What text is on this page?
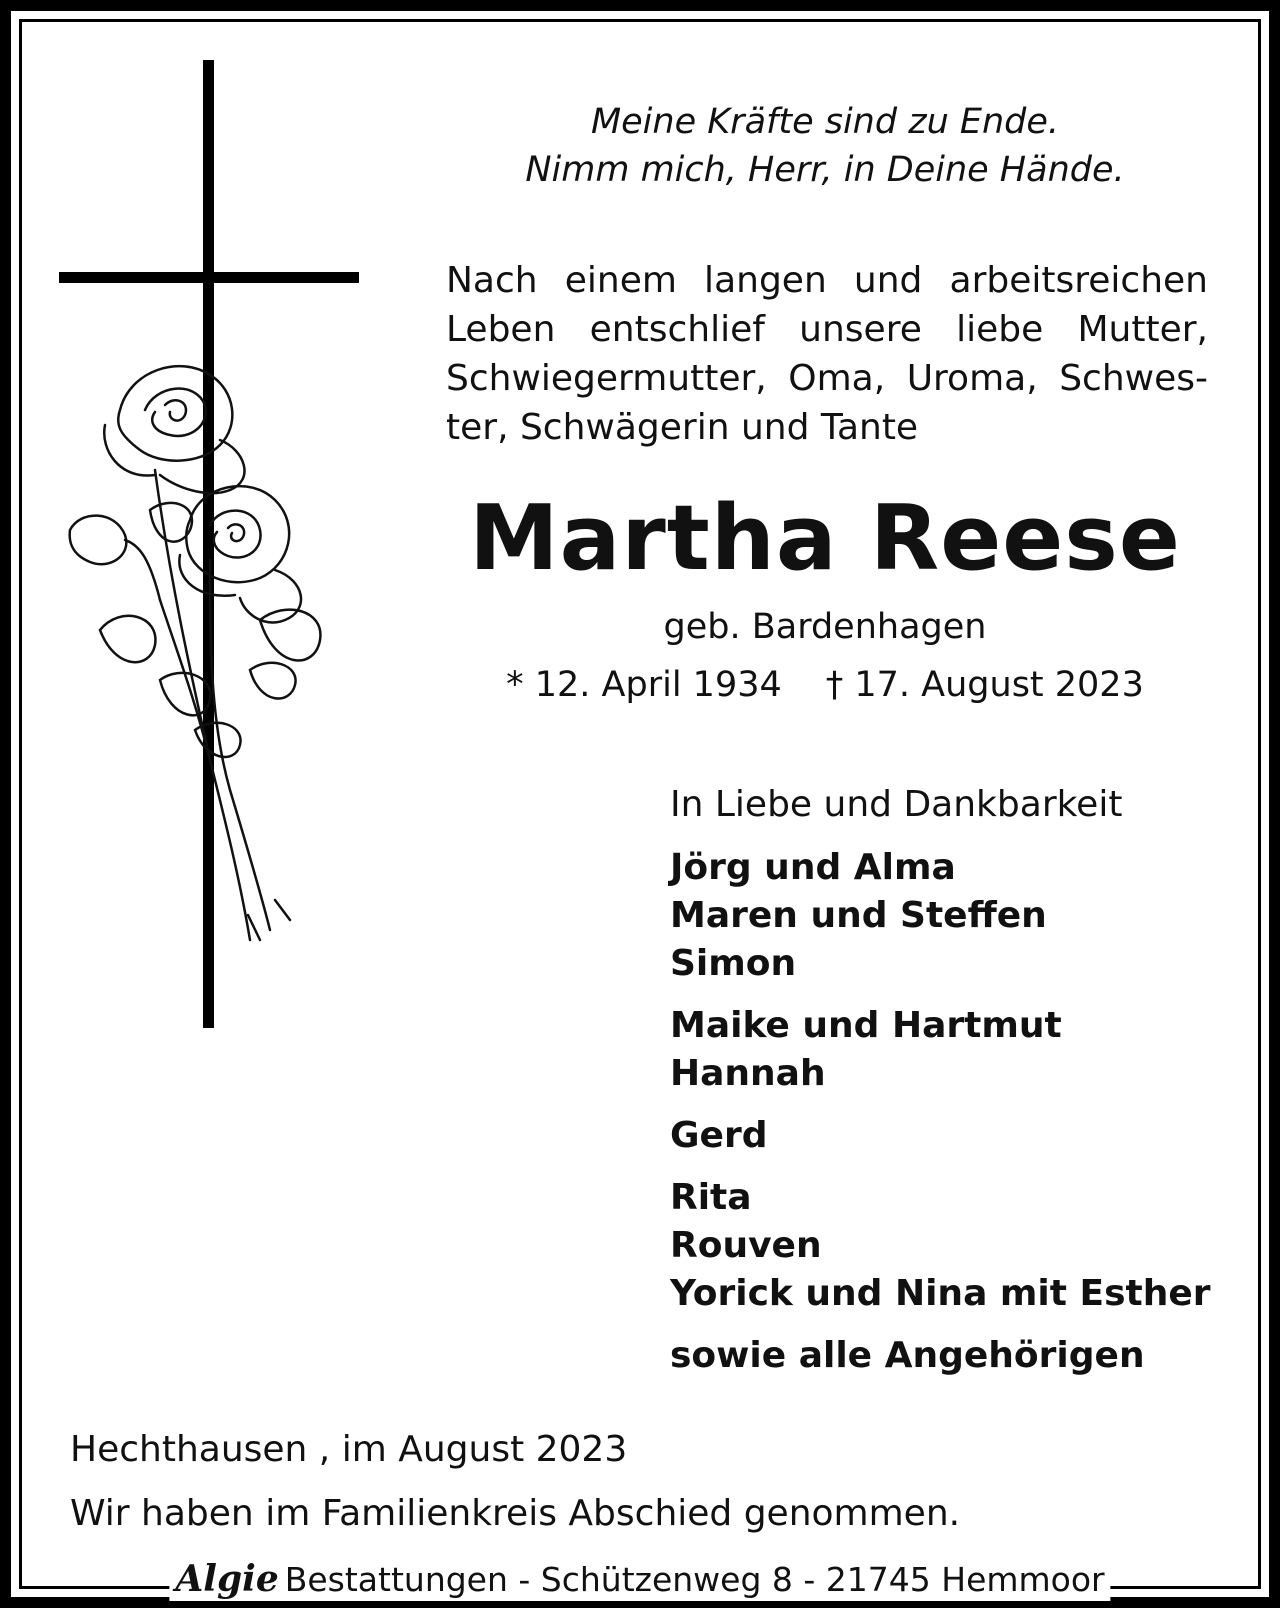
Meine Kräfte sind zu Ende.
Nimm mich, Herr, in Deine Hände.
Nach einem langen und arbeitsreichen Leben entschlief unsere liebe Mutter, Schwiegermutter, Oma, Uroma, Schwes-ter, Schwägerin und Tante
Martha Reese
geb. Bardenhagen
* 12. April 1934 † 17. August 2023
In Liebe und Dankbarkeit
Jörg und Alma
Maren und Steffen
Simon
Maike und Hartmut
Hannah
Gerd
Rita
Rouven
Yorick und Nina mit Esther
sowie alle Angehörigen
Hechthausen , im August 2023
Wir haben im Familienkreis Abschied genommen.
Algie Bestattungen - Schützenweg 8 - 21745 Hemmoor
